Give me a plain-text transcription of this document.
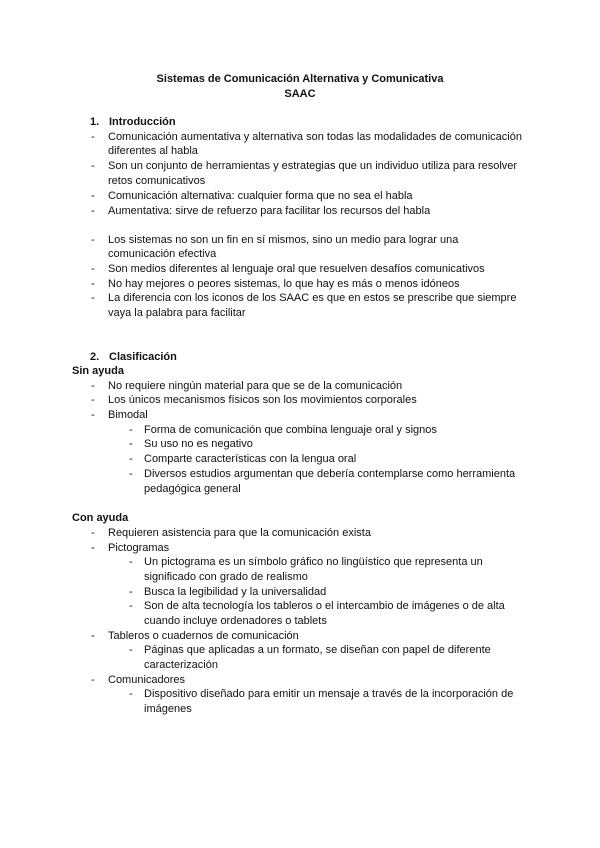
Sistemas de Comunicación Alternativa y Comunicativa
SAAC
1. Introducción
- Comunicación aumentativa y alternativa son todas las modalidades de comunicación
diferentes al habla
- Son un conjunto de herramientas y estrategias que un individuo utiliza para resolver
retos comunicativos
- Comunicación alternativa: cualquier forma que no sea el habla
- Aumentativa: sirve de refuerzo para facilitar los recursos del habla
- Los sistemas no son un fin en sí mismos, sino un medio para lograr una
comunicación efectiva
- Son medios diferentes al lenguaje oral que resuelven desafíos comunicativos
- No hay mejores o peores sistemas, lo que hay es más o menos idóneos
- La diferencia con los iconos de los SAAC es que en estos se prescribe que siempre
vaya la palabra para facilitar
2. Clasificación
Sin ayuda
- No requiere ningún material para que se de la comunicación
- Los únicos mecanismos físicos son los movimientos corporales
- Bimodal
- Forma de comunicación que combina lenguaje oral y signos
- Su uso no es negativo
- Comparte características con la lengua oral
- Diversos estudios argumentan que debería contemplarse como herramienta
pedagógica general
Con ayuda
- Requieren asistencia para que la comunicación exista
- Pictogramas
- Un pictograma es un símbolo gráfico no lingüístico que representa un
significado con grado de realismo
- Busca la legibilidad y la universalidad
- Son de alta tecnología los tableros o el intercambio de imágenes o de alta
cuando incluye ordenadores o tablets
- Tableros o cuadernos de comunicación
- Páginas que aplicadas a un formato, se diseñan con papel de diferente
caracterización
- Comunicadores
- Dispositivo diseñado para emitir un mensaje a través de la incorporación de
imágenes
